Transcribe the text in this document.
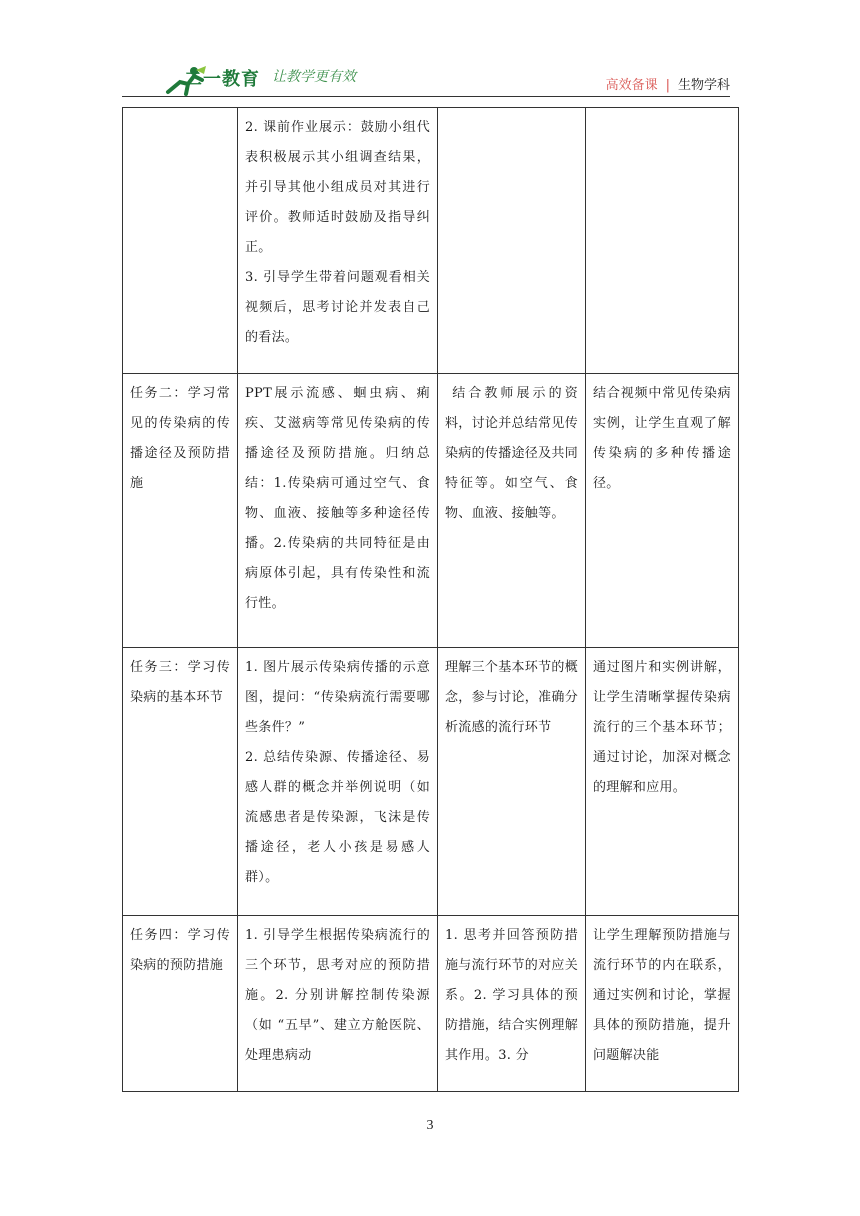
二一教育 让教学更有效
高效备课 | 生物学科

	2. 课前作业展示：鼓励小组代表积极展示其小组调查结果，并引导其他小组成员对其进行评价。教师适时鼓励及指导纠正。
3. 引导学生带着问题观看相关视频后，思考讨论并发表自己的看法。		

任务二：学习常见的传染病的传播途径及预防措施	PPT展示流感、蛔虫病、痢疾、艾滋病等常见传染病的传播途径及预防措施。归纳总结：1.传染病可通过空气、食物、血液、接触等多种途径传播。2.传染病的共同特征是由病原体引起，具有传染性和流行性。	结合教师展示的资料，讨论并总结常见传染病的传播途径及共同特征等。如空气、食物、血液、接触等。	结合视频中常见传染病实例，让学生直观了解传染病的多种传播途径。
任务三：学习传染病的基本环节	1. 图片展示传染病传播的示意图，提问：“传染病流行需要哪些条件？”
2. 总结传染源、传播途径、易感人群的概念并举例说明（如流感患者是传染源，飞沫是传播途径，老人小孩是易感人群）。	理解三个基本环节的概念，参与讨论，准确分析流感的流行环节	通过图片和实例讲解，让学生清晰掌握传染病流行的三个基本环节；通过讨论，加深对概念的理解和应用。
任务四：学习传染病的预防措施	1. 引导学生根据传染病流行的三个环节，思考对应的预防措施。2. 分别讲解控制传染源（如 “五早”、建立方舱医院、处理患病动	1. 思考并回答预防措施与流行环节的对应关系。2. 学习具体的预防措施，结合实例理解其作用。3. 分	让学生理解预防措施与流行环节的内在联系，通过实例和讨论，掌握具体的预防措施，提升问题解决能
3
